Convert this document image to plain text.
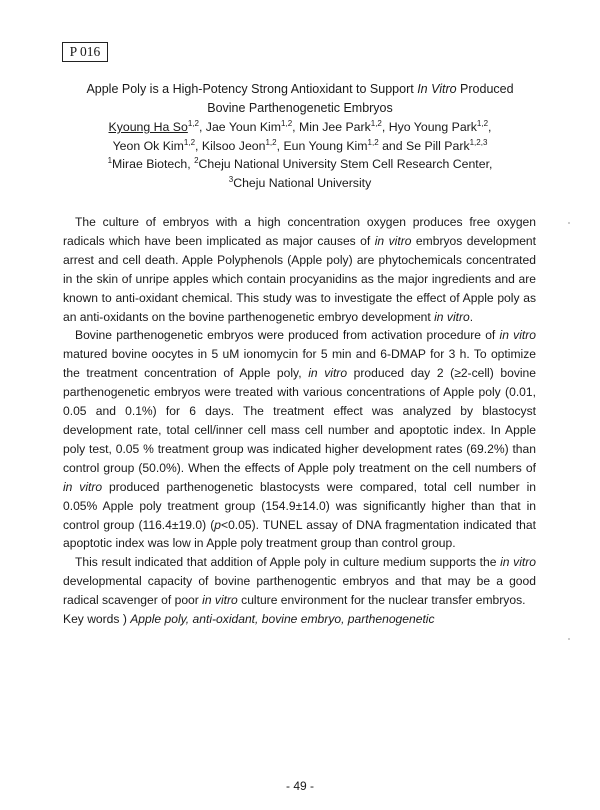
P 016
Apple Poly is a High-Potency Strong Antioxidant to Support In Vitro Produced
Bovine Parthenogenetic Embryos
Kyoung Ha So$^{1,2}$, Jae Youn Kim$^{1,2}$, Min Jee Park$^{1,2}$, Hyo Young Park$^{1,2}$,
Yeon Ok Kim$^{1,2}$, Kilsoo Jeon$^{1,2}$, Eun Young Kim$^{1,2}$ and Se Pill Park$^{1,2,3}$
$^1$Mirae Biotech, $^2$Cheju National University Stem Cell Research Center,
$^3$Cheju National University

The culture of embryos with a high concentration oxygen produces free oxygen radicals which have been implicated as major causes of in vitro embryos development arrest and cell death. Apple Polyphenols (Apple poly) are phytochemicals concentrated in the skin of unripe apples which contain procyanidins as the major ingredients and are known to anti-oxidant chemical. This study was to investigate the effect of Apple poly as an anti-oxidants on the bovine parthenogenetic embryo development in vitro.

Bovine parthenogenetic embryos were produced from activation procedure of in vitro matured bovine oocytes in 5 uM ionomycin for 5 min and 6-DMAP for 3 h. To optimize the treatment concentration of Apple poly, in vitro produced day 2 (≥2-cell) bovine parthenogenetic embryos were treated with various concentrations of Apple poly (0.01, 0.05 and 0.1%) for 6 days. The treatment effect was analyzed by blastocyst development rate, total cell/inner cell mass cell number and apoptotic index. In Apple poly test, 0.05 % treatment group was indicated higher development rates (69.2%) than control group (50.0%). When the effects of Apple poly treatment on the cell numbers of in vitro produced parthenogenetic blastocysts were compared, total cell number in 0.05% Apple poly treatment group (154.9±14.0) was significantly higher than that in control group (116.4±19.0) (p<0.05). TUNEL assay of DNA fragmentation indicated that apoptotic index was low in Apple poly treatment group than control group.

This result indicated that addition of Apple poly in culture medium supports the in vitro developmental capacity of bovine parthenogentic embryos and that may be a good radical scavenger of poor in vitro culture environment for the nuclear transfer embryos.

Key words ) Apple poly, anti-oxidant, bovine embryo, parthenogenetic
- 49 -
